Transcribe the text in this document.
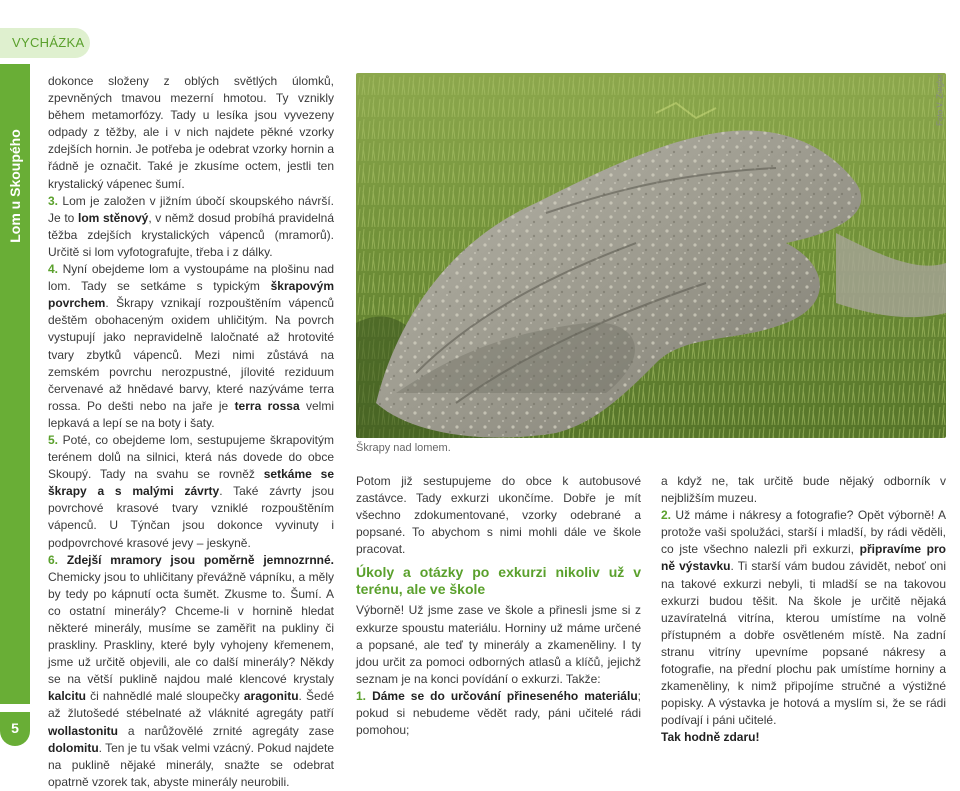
VYCHÁZKA
Lom u Skoupého
5

dokonce složeny z oblých světlých úlomků, zpevněných tmavou mezerní hmotou. Ty vznikly během metamorfózy. Tady u lesíka jsou vyvezeny odpady z těžby, ale i v nich najdete pěkné vzorky zdejších hornin. Je potřeba je odebrat vzorky hornin a řádně je označit. Také je zkusíme octem, jestli ten krystalický vápenec šumí.

3. Lom je založen v jižním úbočí skoupského návrší. Je to lom stěnový, v němž dosud probíhá pravidelná těžba zdejších krystalických vápenců (mramorů). Určitě si lom vyfotografujte, třeba i z dálky.

4. Nyní obejdeme lom a vystoupáme na plošinu nad lom. Tady se setkáme s typickým škrapovým povrchem. Škrapy vznikají rozpouštěním vápenců deštěm obohaceným oxidem uhličitým. Na povrch vystupují jako nepravidelně laločnaté až hrotovité tvary zbytků vápenců. Mezi nimi zůstává na zemském povrchu nerozpustné, jílovité reziduum červenavé až hnědavé barvy, které nazýváme terra rossa. Po dešti nebo na jaře je terra rossa velmi lepkavá a lepí se na boty i šaty.

5. Poté, co obejdeme lom, sestupujeme škrapovitým terénem dolů na silnici, která nás dovede do obce Skoupý. Tady na svahu se rovněž setkáme se škrapy a s malými závrty. Také závrty jsou povrchové krasové tvary vzniklé rozpouštěním vápenců. U Týnčan jsou dokonce vyvinuty i podpovrchové krasové jevy – jeskyně.

6. Zdejší mramory jsou poměrně jemnozrnné. Chemicky jsou to uhličitany převážně vápníku, a měly by tedy po kápnutí octa šumět. Zkusme to. Šumí. A co ostatní minerály? Chceme-li v hornině hledat některé minerály, musíme se zaměřit na pukliny či praskliny. Praskliny, které byly vyhojeny křemenem, jsme už určitě objevili, ale co další minerály? Někdy se na větší puklině najdou malé klencové krystaly kalcitu či nahnědlé malé sloupečky aragonitu. Šedé až žlutošedé stébelnaté až vláknité agregáty patří wollastonitu a narůžovělé zrnité agregáty zase dolomitu. Ten je tu však velmi vzácný. Pokud najdete na puklině nějaké minerály, snažte se odebrat opatrně vzorek tak, abyste minerály neurobili.

Foto V. Ziegler
Škrapy nad lomem.

Potom již sestupujeme do obce k autobusové zastávce. Tady exkurzi ukončíme. Dobře je mít všechno zdokumentované, vzorky odebrané a popsané. To abychom s nimi mohli dále ve škole pracovat.

Úkoly a otázky po exkurzi nikoliv už v terénu, ale ve škole

Výborně! Už jsme zase ve škole a přinesli jsme si z exkurze spoustu materiálu. Horniny už máme určené a popsané, ale teď ty minerály a zkameněliny. I ty jdou určit za pomoci odborných atlasů a klíčů, jejichž seznam je na konci povídání o exkurzi. Takže:

1. Dáme se do určování přineseného materiálu; pokud si nebudeme vědět rady, páni učitelé rádi pomohou;

a když ne, tak určitě bude nějaký odborník v nejbližším muzeu.

2. Už máme i nákresy a fotografie? Opět výborně! A protože vaši spolužáci, starší i mladší, by rádi věděli, co jste všechno nalezli při exkurzi, připravíme pro ně výstavku. Ti starší vám budou závidět, neboť oni na takové exkurzi nebyli, ti mladší se na takovou exkurzi budou těšit. Na škole je určitě nějaká uzavíratelná vitrína, kterou umístíme na volně přístupném a dobře osvětleném místě. Na zadní stranu vitríny upevníme popsané nákresy a fotografie, na přední plochu pak umístíme horniny a zkameněliny, k nimž připojíme stručné a výstižné popisky. A výstavka je hotová a myslím si, že se rádi podívají i páni učitelé.

Tak hodně zdaru!
